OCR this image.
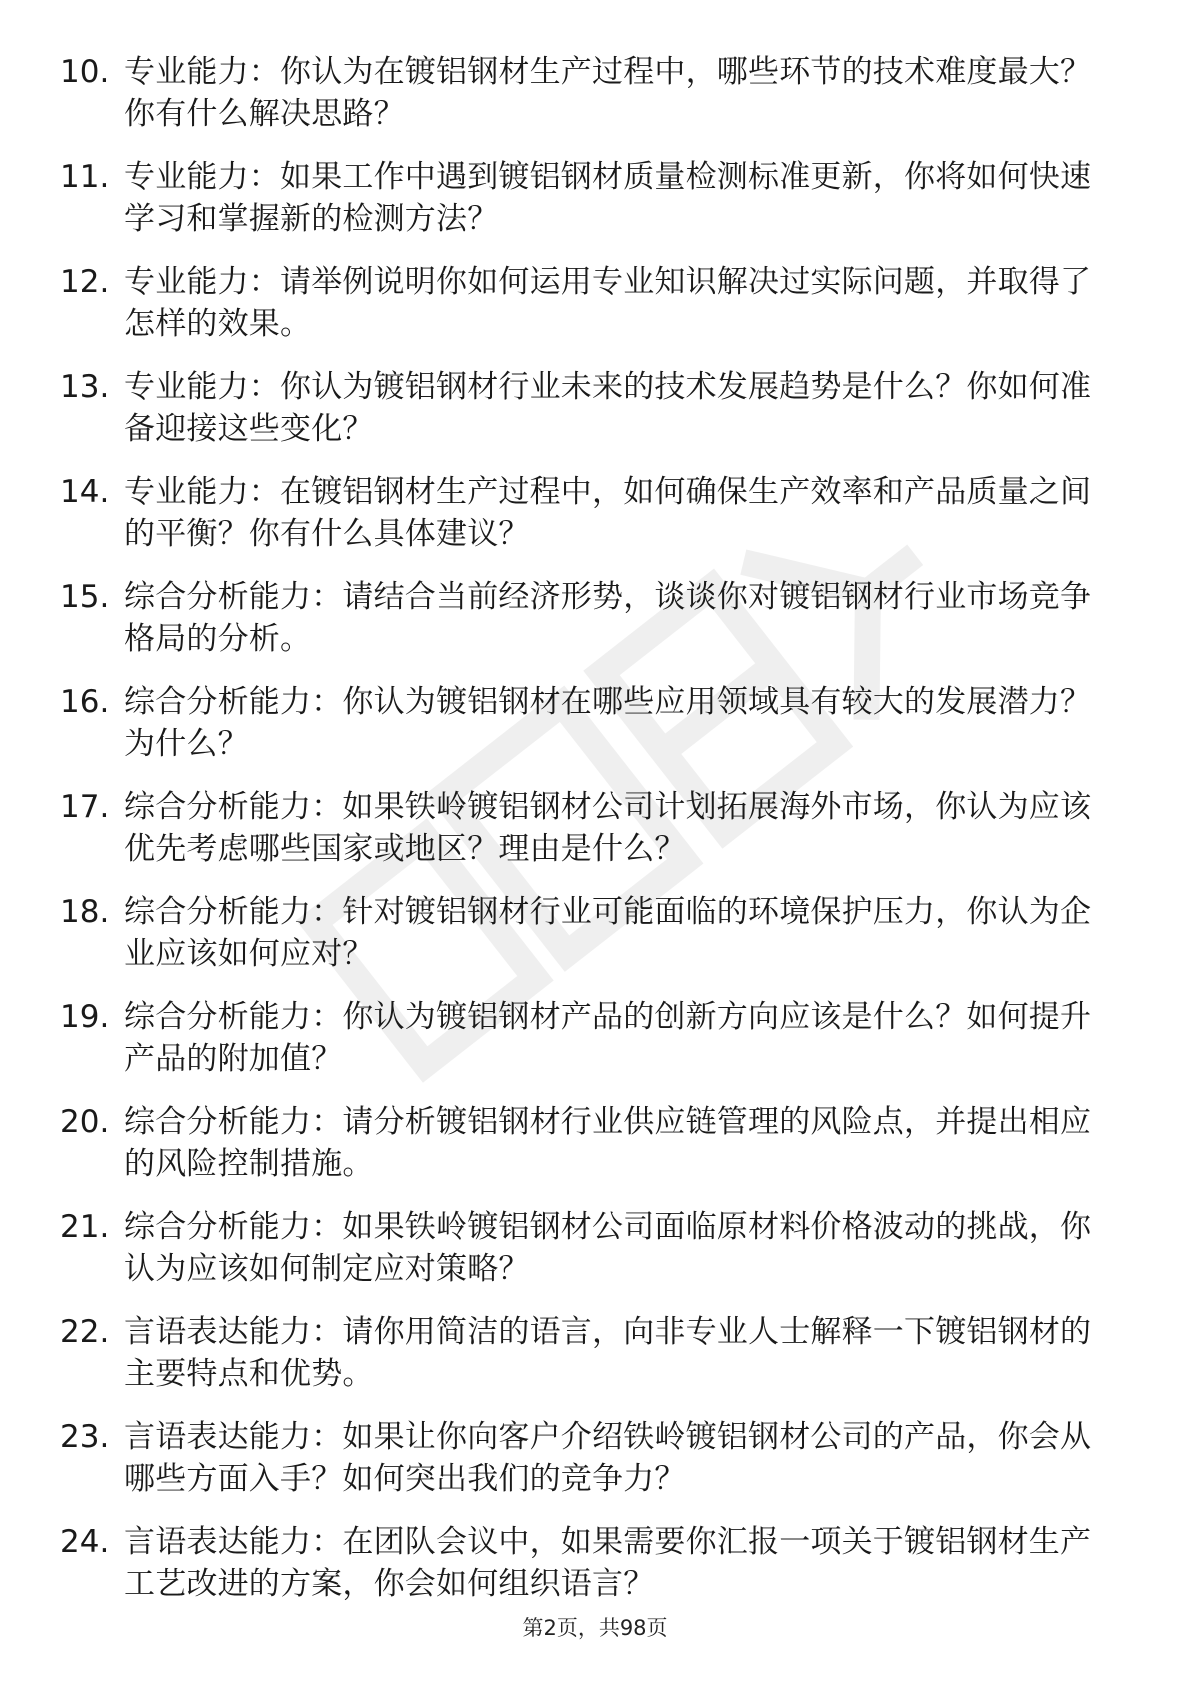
10. 专业能力：你认为在镀铝钢材生产过程中，哪些环节的技术难度最大？你有什么解决思路？
11. 专业能力：如果工作中遇到镀铝钢材质量检测标准更新，你将如何快速学习和掌握新的检测方法？
12. 专业能力：请举例说明你如何运用专业知识解决过实际问题，并取得了怎样的效果。
13. 专业能力：你认为镀铝钢材行业未来的技术发展趋势是什么？你如何准备迎接这些变化？
14. 专业能力：在镀铝钢材生产过程中，如何确保生产效率和产品质量之间的平衡？你有什么具体建议？
15. 综合分析能力：请结合当前经济形势，谈谈你对镀铝钢材行业市场竞争格局的分析。
16. 综合分析能力：你认为镀铝钢材在哪些应用领域具有较大的发展潜力？为什么？
17. 综合分析能力：如果铁岭镀铝钢材公司计划拓展海外市场，你认为应该优先考虑哪些国家或地区？理由是什么？
18. 综合分析能力：针对镀铝钢材行业可能面临的环境保护压力，你认为企业应该如何应对？
19. 综合分析能力：你认为镀铝钢材产品的创新方向应该是什么？如何提升产品的附加值？
20. 综合分析能力：请分析镀铝钢材行业供应链管理的风险点，并提出相应的风险控制措施。
21. 综合分析能力：如果铁岭镀铝钢材公司面临原材料价格波动的挑战，你认为应该如何制定应对策略？
22. 言语表达能力：请你用简洁的语言，向非专业人士解释一下镀铝钢材的主要特点和优势。
23. 言语表达能力：如果让你向客户介绍铁岭镀铝钢材公司的产品，你会从哪些方面入手？如何突出我们的竞争力？
24. 言语表达能力：在团队会议中，如果需要你汇报一项关于镀铝钢材生产工艺改进的方案，你会如何组织语言？
第2页，共98页
